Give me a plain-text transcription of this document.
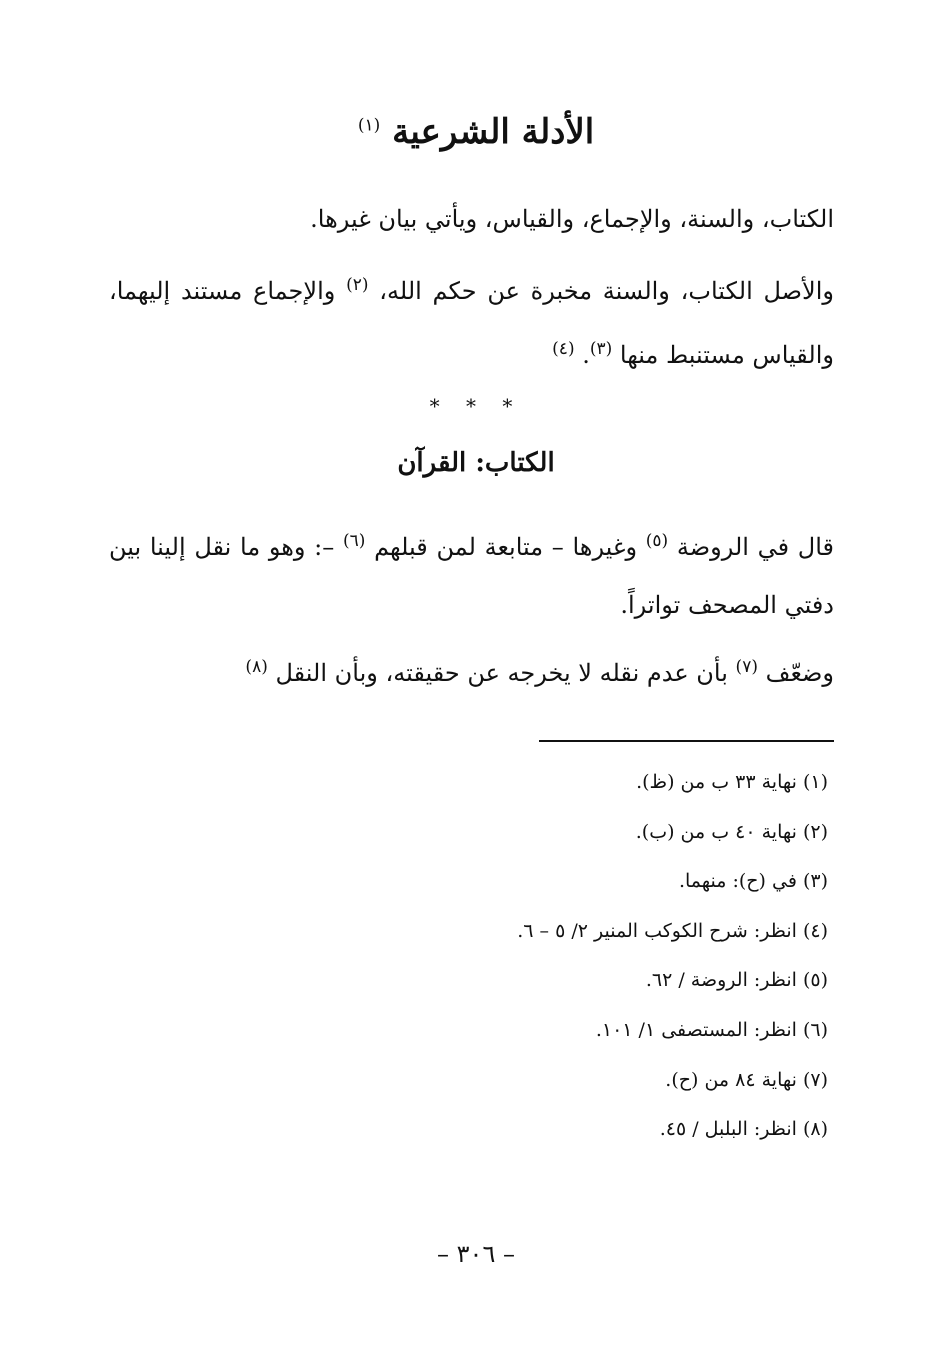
الأدلة الشرعية $^{(١)}$

الكتاب، والسنة، والإجماع، والقياس، ويأتي بيان غيرها.

والأصل الكتاب، والسنة مخبرة عن حكم الله، $^{(٢)}$ والإجماع مستند إليهما، والقياس مستنبط منها $^{(٣)}$. $^{(٤)}$

* * *

الكتاب: القرآن

قال في الروضة $^{(٥)}$ وغيرها – متابعة لمن قبلهم $^{(٦)}$ –: وهو ما نقل إلينا بين دفتي المصحف تواتراً.

وضعّف $^{(٧)}$ بأن عدم نقله لا يخرجه عن حقيقته، وبأن النقل $^{(٨)}$

(١)نهاية ٣٣ ب من (ظ).
(٢)نهاية ٤٠ ب من (ب).
(٣)في (ح): منهما.
(٤)انظر: شرح الكوكب المنير ٢/ ٥ – ٦.
(٥)انظر: الروضة / ٦٢.
(٦)انظر: المستصفى ١/ ١٠١.
(٧)نهاية ٨٤ من (ح).
(٨)انظر: البلبل / ٤٥.

– ٣٠٦ –
